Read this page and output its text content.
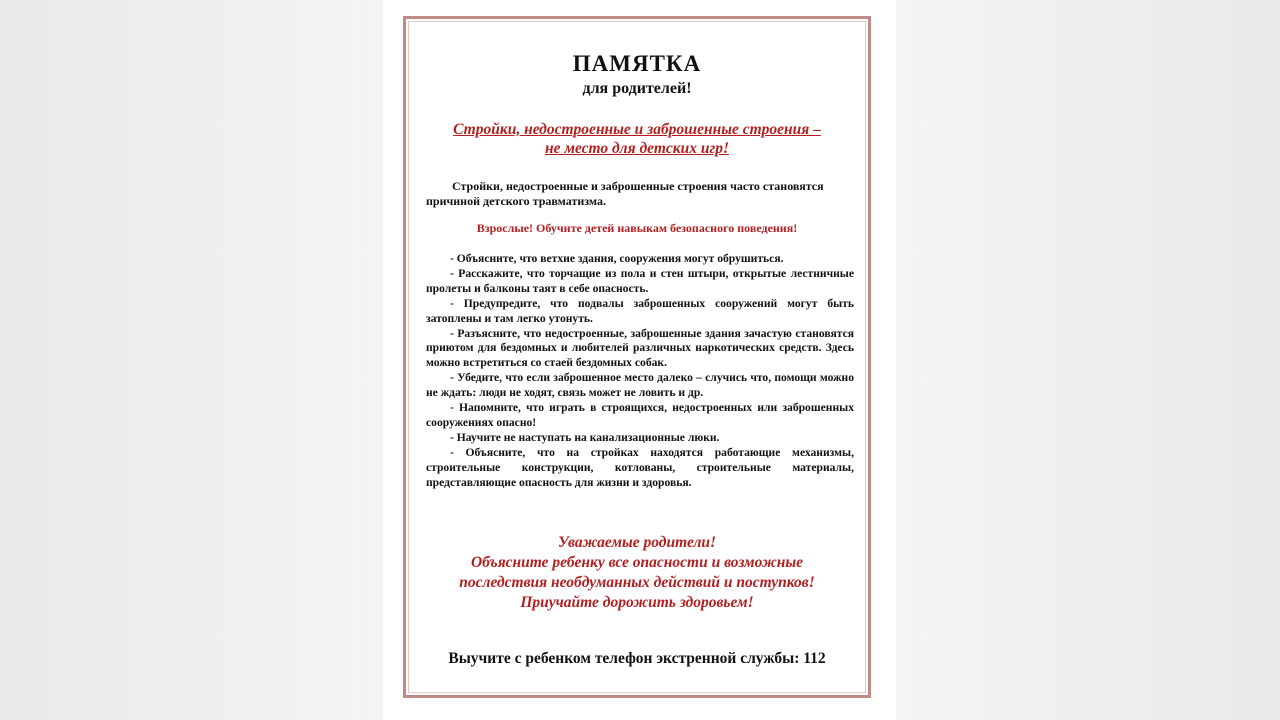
ПАМЯТКА
для родителей!
Стройки, недостроенные и заброшенные строения –
не место для детских игр!
Стройки, недостроенные и заброшенные строения часто становятся причиной детского травматизма.
Взрослые! Обучите детей навыкам безопасного поведения!
- Объясните, что ветхие здания, сооружения могут обрушиться.
- Расскажите, что торчащие из пола и стен штыри, открытые лестничные пролеты и балконы таят в себе опасность.
- Предупредите, что подвалы заброшенных сооружений могут быть затоплены и там легко утонуть.
- Разъясните, что недостроенные, заброшенные здания зачастую становятся приютом для бездомных и любителей различных наркотических средств. Здесь можно встретиться со стаей бездомных собак.
- Убедите, что если заброшенное место далеко – случись что, помощи можно не ждать: люди не ходят, связь может не ловить и др.
- Напомните, что играть в строящихся, недостроенных или заброшенных сооружениях опасно!
- Научите не наступать на канализационные люки.
- Объясните, что на стройках находятся работающие механизмы, строительные конструкции, котлованы, строительные материалы, представляющие опасность для жизни и здоровья.
Уважаемые родители!
Объясните ребенку все опасности и возможные
последствия необдуманных действий и поступков!
Приучайте дорожить здоровьем!
Выучите с ребенком телефон экстренной службы: 112
